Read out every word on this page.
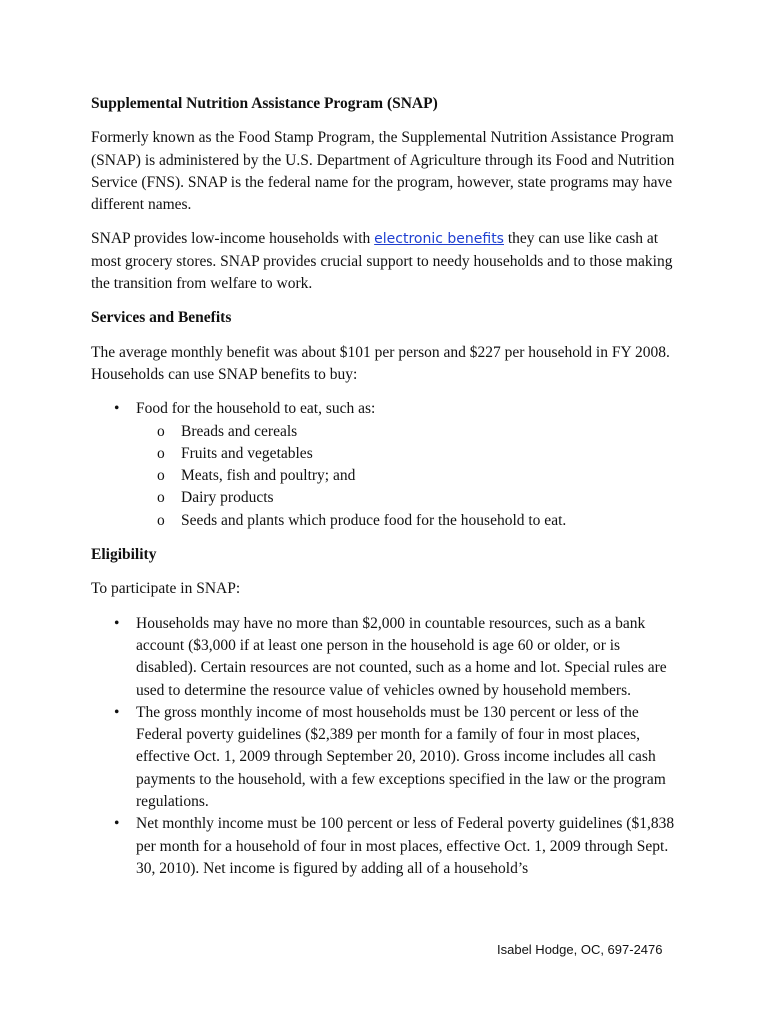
Supplemental Nutrition Assistance Program (SNAP)

Formerly known as the Food Stamp Program, the Supplemental Nutrition Assistance Program (SNAP) is administered by the U.S. Department of Agriculture through its Food and Nutrition Service (FNS). SNAP is the federal name for the program, however, state programs may have different names.

SNAP provides low-income households with electronic benefits they can use like cash at most grocery stores. SNAP provides crucial support to needy households and to those making the transition from welfare to work.

Services and Benefits

The average monthly benefit was about $101 per person and $227 per household in FY 2008. Households can use SNAP benefits to buy:

• Food for the household to eat, such as:
o Breads and cereals
o Fruits and vegetables
o Meats, fish and poultry; and
o Dairy products
o Seeds and plants which produce food for the household to eat.

Eligibility

To participate in SNAP:

• Households may have no more than $2,000 in countable resources, such as a bank account ($3,000 if at least one person in the household is age 60 or older, or is disabled). Certain resources are not counted, such as a home and lot. Special rules are used to determine the resource value of vehicles owned by household members.
• The gross monthly income of most households must be 130 percent or less of the Federal poverty guidelines ($2,389 per month for a family of four in most places, effective Oct. 1, 2009 through September 20, 2010). Gross income includes all cash payments to the household, with a few exceptions specified in the law or the program regulations.
• Net monthly income must be 100 percent or less of Federal poverty guidelines ($1,838 per month for a household of four in most places, effective Oct. 1, 2009 through Sept. 30, 2010). Net income is figured by adding all of a household’s
Isabel Hodge, OC, 697-2476
